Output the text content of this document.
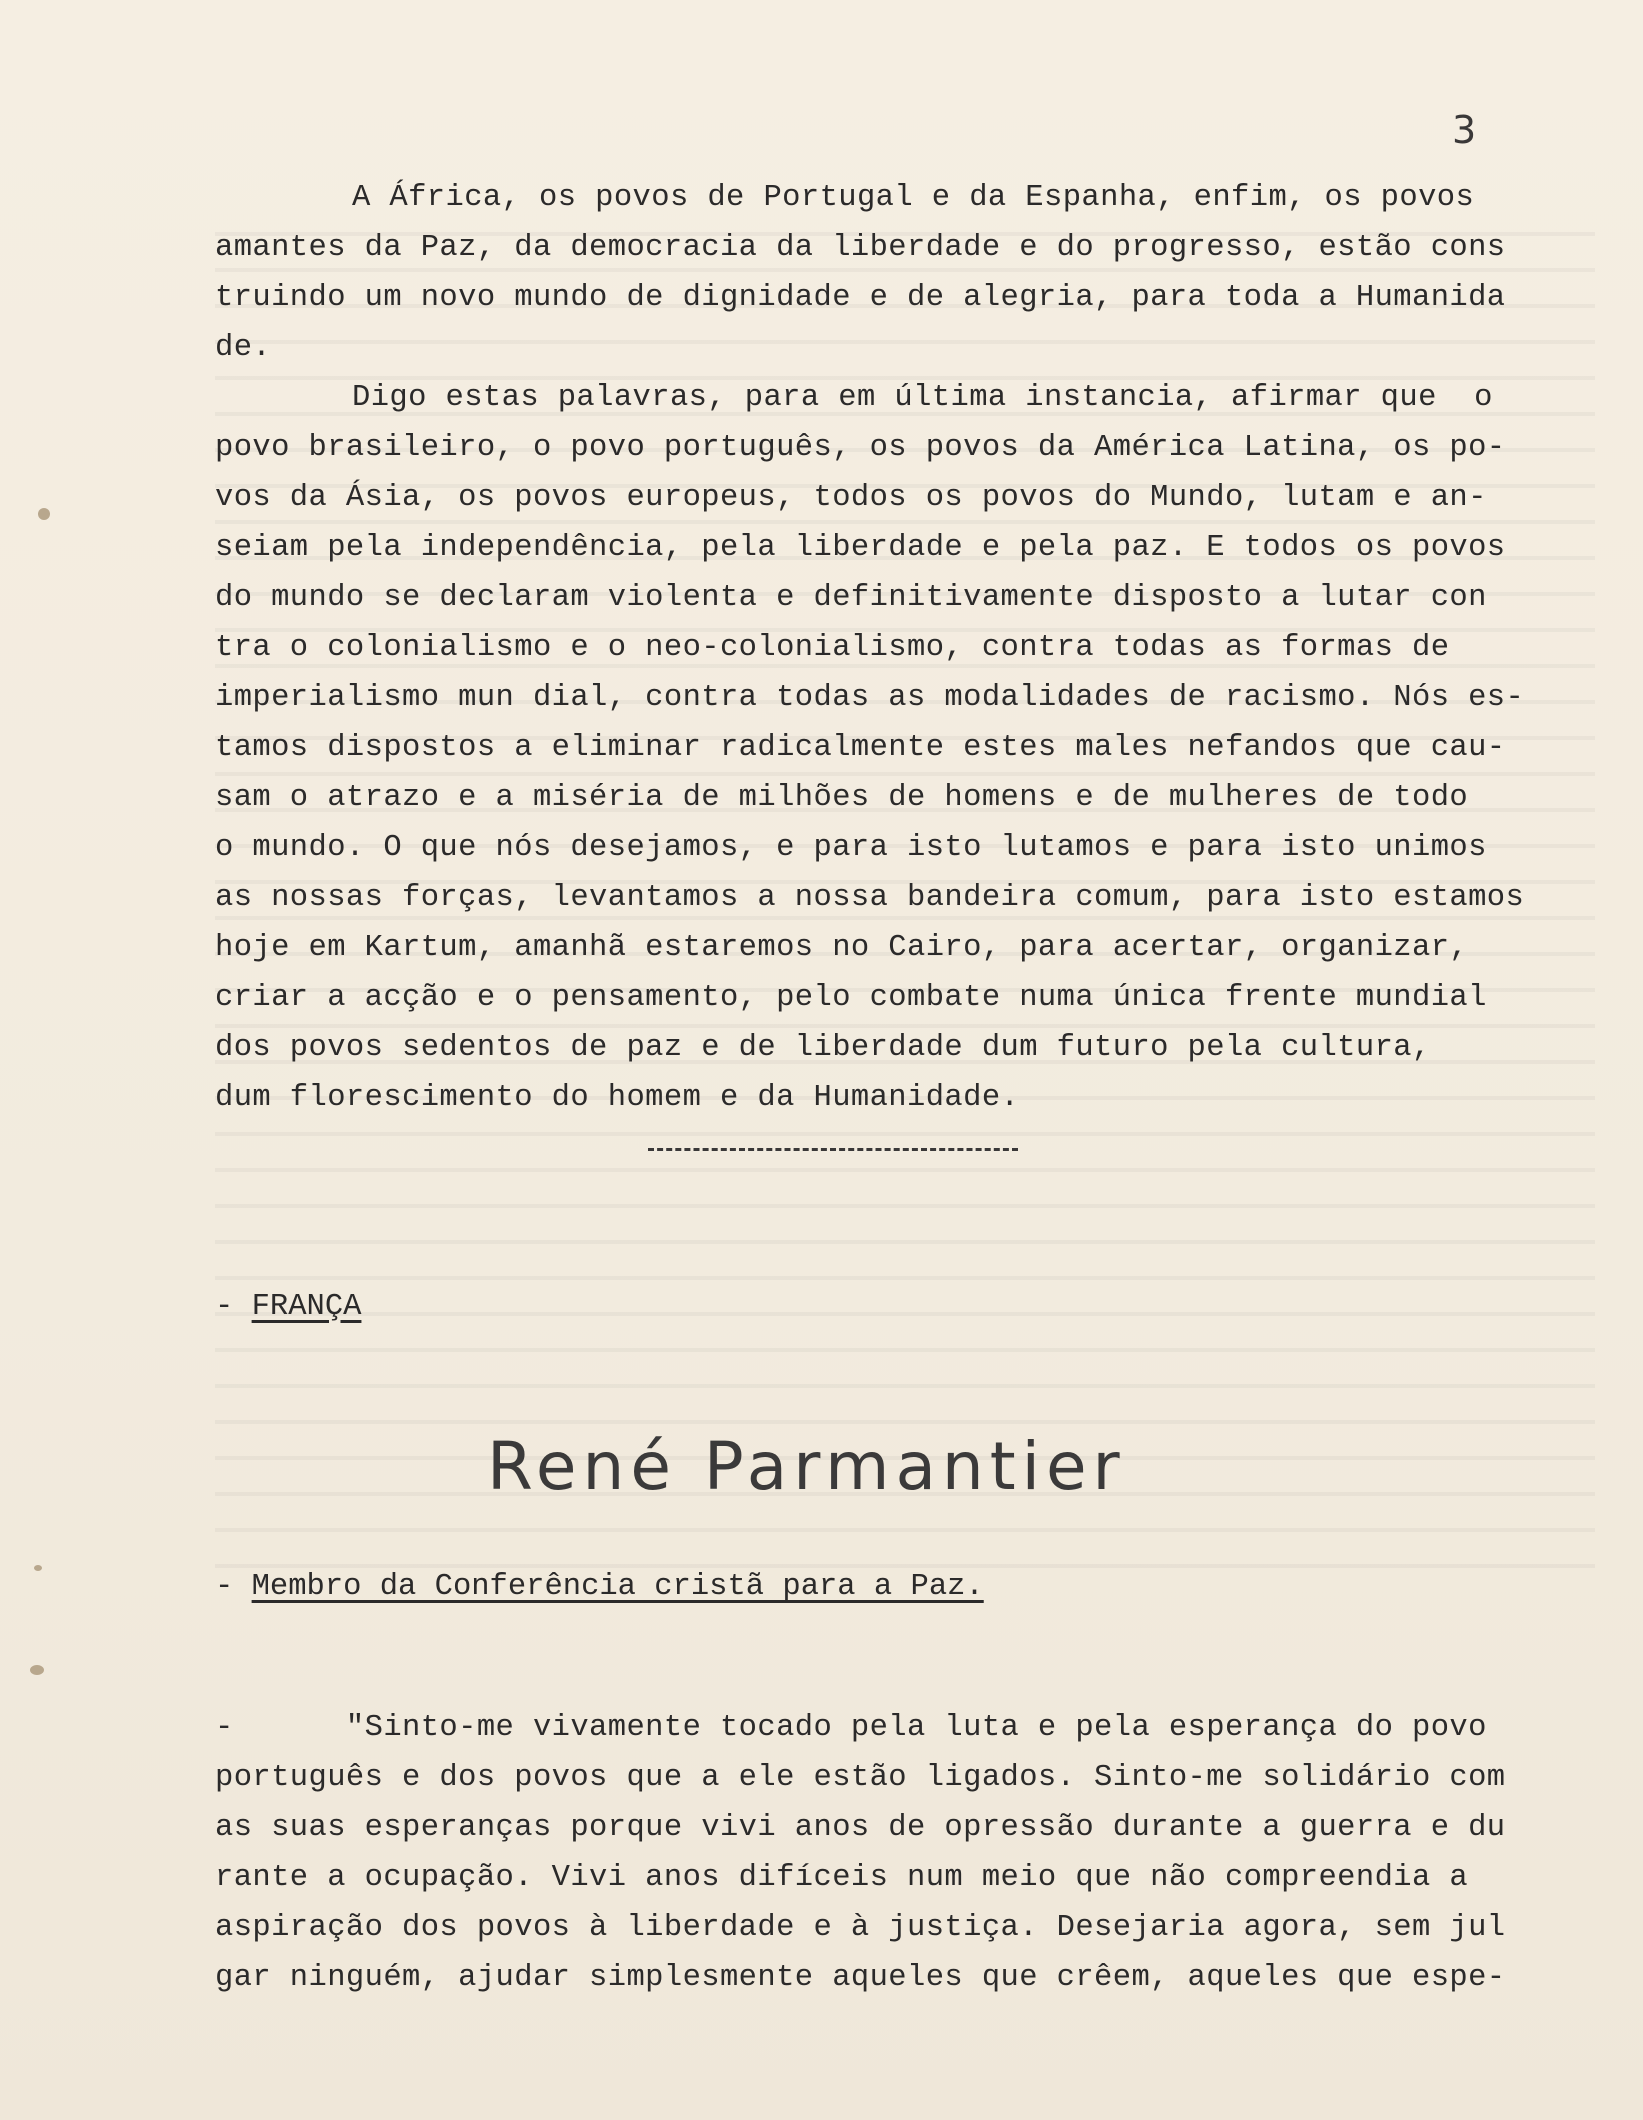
3
A África, os povos de Portugal e da Espanha, enfim, os povos
amantes da Paz, da democracia da liberdade e do progresso, estão cons
truindo um novo mundo de dignidade e de alegria, para toda a Humanida
de.
Digo estas palavras, para em última instancia, afirmar que  o
povo brasileiro, o povo português, os povos da América Latina, os po-
vos da Ásia, os povos europeus, todos os povos do Mundo, lutam e an-
seiam pela independência, pela liberdade e pela paz. E todos os povos
do mundo se declaram violenta e definitivamente disposto a lutar con
tra o colonialismo e o neo-colonialismo, contra todas as formas de
imperialismo mun dial, contra todas as modalidades de racismo. Nós es-
tamos dispostos a eliminar radicalmente estes males nefandos que cau-
sam o atrazo e a miséria de milhões de homens e de mulheres de todo
o mundo. O que nós desejamos, e para isto lutamos e para isto unimos
as nossas forças, levantamos a nossa bandeira comum, para isto estamos
hoje em Kartum, amanhã estaremos no Cairo, para acertar, organizar,
criar a acção e o pensamento, pelo combate numa única frente mundial
dos povos sedentos de paz e de liberdade dum futuro pela cultura,
dum florescimento do homem e da Humanidade.
- FRANÇA
René Parmantier
- Membro da Conferência cristã para a Paz.
-      "Sinto-me vivamente tocado pela luta e pela esperança do povo
português e dos povos que a ele estão ligados. Sinto-me solidário com
as suas esperanças porque vivi anos de opressão durante a guerra e du
rante a ocupação. Vivi anos difíceis num meio que não compreendia a
aspiração dos povos à liberdade e à justiça. Desejaria agora, sem jul
gar ninguém, ajudar simplesmente aqueles que crêem, aqueles que espe-
